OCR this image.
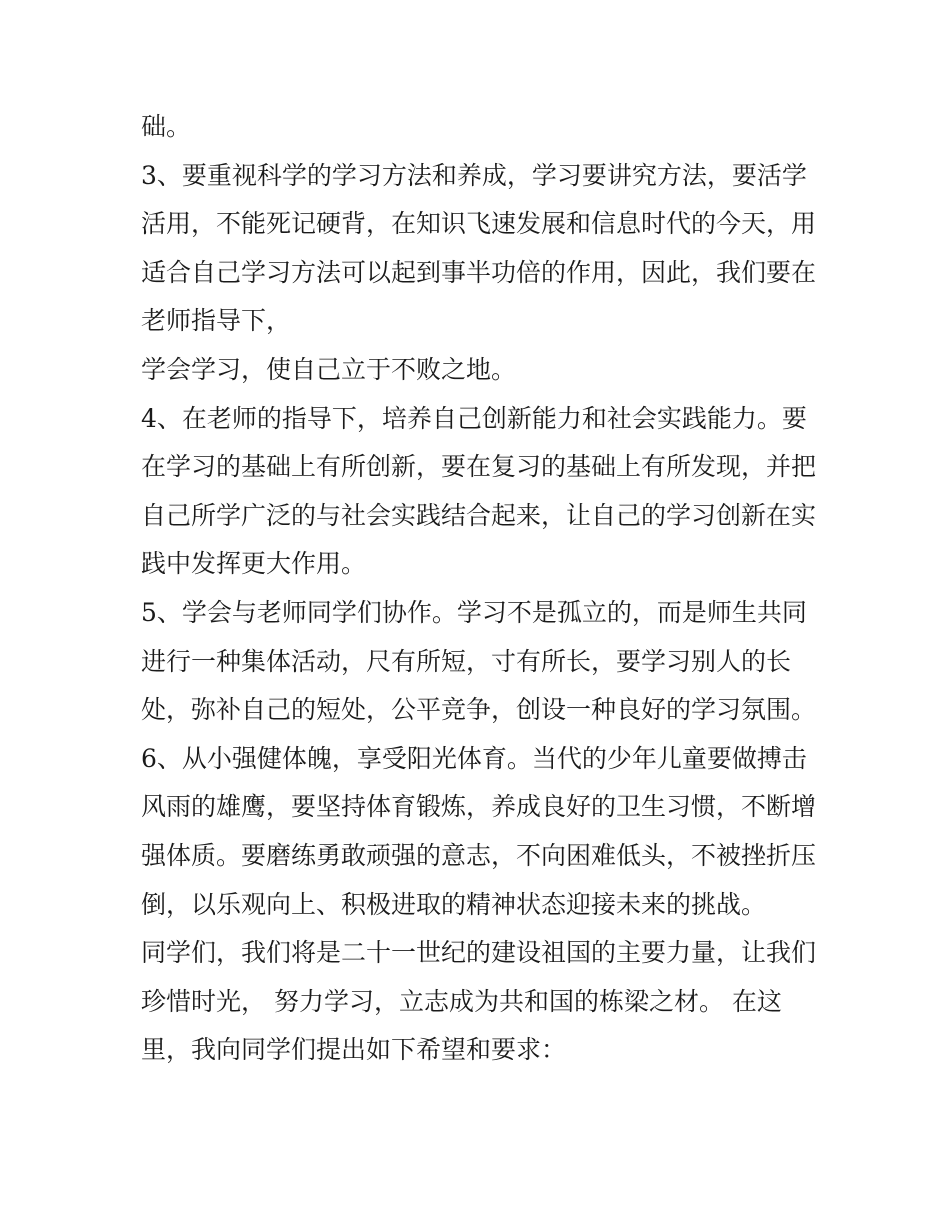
础。
3、要重视科学的学习方法和养成，学习要讲究方法，要活学
活用，不能死记硬背，在知识飞速发展和信息时代的今天，用
适合自己学习方法可以起到事半功倍的作用，因此，我们要在
老师指导下，
学会学习，使自己立于不败之地。
4、在老师的指导下，培养自己创新能力和社会实践能力。要
在学习的基础上有所创新，要在复习的基础上有所发现，并把
自己所学广泛的与社会实践结合起来，让自己的学习创新在实
践中发挥更大作用。
5、学会与老师同学们协作。学习不是孤立的，而是师生共同
进行一种集体活动，尺有所短，寸有所长，要学习别人的长
处，弥补自己的短处，公平竞争，创设一种良好的学习氛围。
6、从小强健体魄，享受阳光体育。当代的少年儿童要做搏击
风雨的雄鹰，要坚持体育锻炼，养成良好的卫生习惯，不断增
强体质。要磨练勇敢顽强的意志，不向困难低头，不被挫折压
倒，以乐观向上、积极进取的精神状态迎接未来的挑战。
同学们，我们将是二十一世纪的建设祖国的主要力量，让我们
珍惜时光， 努力学习，立志成为共和国的栋梁之材。 在这
里，我向同学们提出如下希望和要求：
